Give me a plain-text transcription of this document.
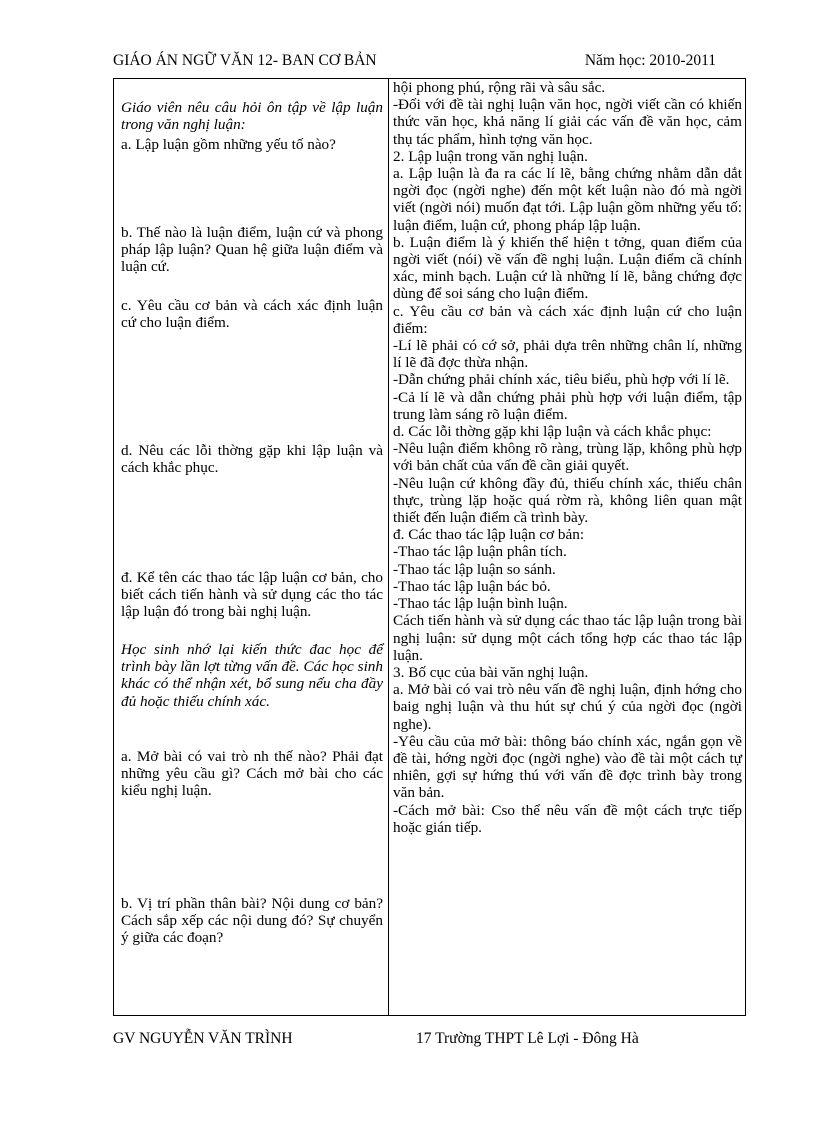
GIÁO ÁN NGỮ VĂN 12- BAN CƠ BẢN	Năm học: 2010-2011

Giáo viên nêu câu hỏi ôn tập về lập luận trong văn nghị luận:

a. Lập luận gồm những yếu tố nào?

b. Thế nào là luận điểm, luận cứ và phong pháp lập luận? Quan hệ giữa luận điểm và luận cứ.

c. Yêu cầu cơ bản và cách xác định luận cứ cho luận điểm.

d. Nêu các lỗi thờng gặp khi lập luận và cách khắc phục.

đ. Kể tên các thao tác lập luận cơ bản, cho biết cách tiến hành và sử dụng các tho tác lập luận đó trong bài nghị luận.

Học sinh nhớ lại kiến thức đac học để trình bày lần lợt từng vấn đề. Các học sinh khác có thể nhận xét, bổ sung nếu cha đầy đủ hoặc thiếu chính xác.

a. Mở bài có vai trò nh thế nào? Phải đạt những yêu cầu gì? Cách mở bài cho các kiểu nghị luận.

b. Vị trí phần thân bài? Nội dung cơ bản? Cách sắp xếp các nội dung đó? Sự chuyển ý giữa các đoạn?

hội phong phú, rộng rãi và sâu sắc.

-Đối với đề tài nghị luận văn học, ngời viết cần có khiến thức văn học, khả năng lí giải các vấn đề văn học, cảm thụ tác phẩm, hình tợng văn học.

2. Lập luận trong văn nghị luận.

a. Lập luận là đa ra các lí lẽ, bằng chứng nhằm dẫn dắt ngời đọc (ngời nghe) đến một kết luận nào đó mà ngời viết (ngời nói) muốn đạt tới. Lập luận gồm những yếu tố: luận điểm, luận cứ, phong pháp lập luận.

b. Luận điểm là ý khiến thể hiện t tởng, quan điểm của ngời viết (nói) về vấn đề nghị luận. Luận điểm cầ chính xác, minh bạch. Luận cứ là những lí lẽ, bằng chứng đợc dùng để soi sáng cho luận điểm.

c. Yêu cầu cơ bản và cách xác định luận cứ cho luận điểm:

-Lí lẽ phải có cớ sở, phải dựa trên những chân lí, những lí lẽ đã đợc thừa nhận.

-Dẫn chứng phải chính xác, tiêu biểu, phù hợp với lí lẽ.

-Cả lí lẽ và dẫn chứng phải phù hợp với luận điểm, tập trung làm sáng rõ luận điểm.

d. Các lỗi thờng gặp khi lập luận và cách khắc phục:

-Nêu luận điểm không rõ ràng, trùng lặp, không phù hợp với bản chất của vấn đề cần giải quyết.

-Nêu luận cứ không đầy đủ, thiếu chính xác, thiếu chân thực, trùng lặp hoặc quá rờm rà, không liên quan mật thiết đến luận điểm cầ trình bày.

đ. Các thao tác lập luận cơ bản:

-Thao tác lập luận phân tích.

-Thao tác lập luận so sánh.

-Thao tác lập luận bác bỏ.

-Thao tác lập luận bình luận.

Cách tiến hành và sử dụng các thao tác lập luận trong bài nghị luận: sử dụng một cách tổng hợp các thao tác lập luận.

3. Bố cục của bài văn nghị luận.

a. Mở bài có vai trò nêu vấn đề nghị luận, định hớng cho baig nghị luận và thu hút sự chú ý của ngời đọc (ngời nghe).

-Yêu cầu của mở bài: thông báo chính xác, ngắn gọn về đề tài, hớng ngời đọc (ngời nghe) vào đề tài một cách tự nhiên, gợi sự hứng thú với vấn đề đợc trình bày trong văn bản.

-Cách mở bài: Cso thể nêu vấn đề một cách trực tiếp hoặc gián tiếp.

GV NGUYỄN VĂN TRÌNH	17 Trường THPT Lê Lợi - Đông Hà
